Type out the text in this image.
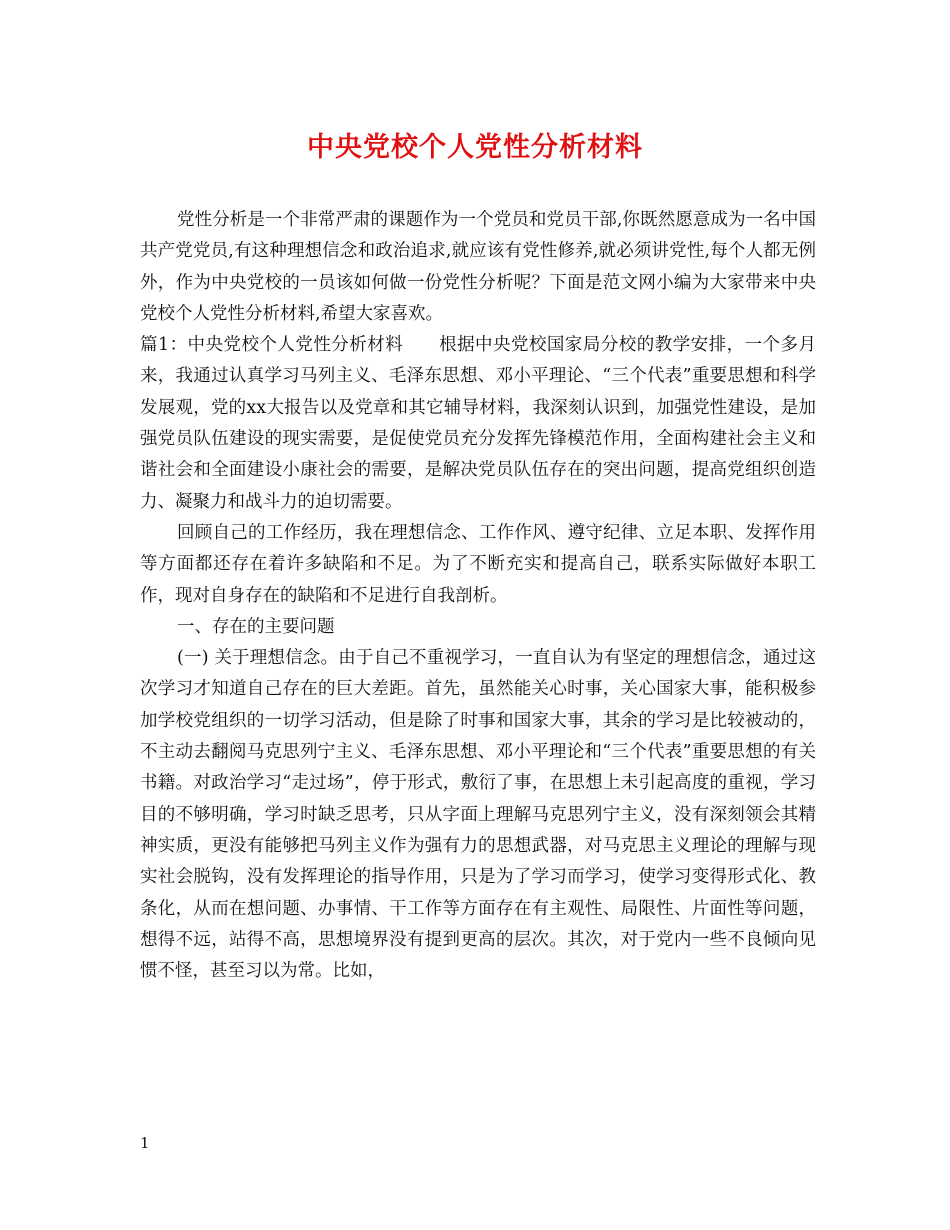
中央党校个人党性分析材料

党性分析是一个非常严肃的课题作为一个党员和党员干部,你既然愿意成为一名中国共产党党员,有这种理想信念和政治追求,就应该有党性修养,就必须讲党性,每个人都无例外，作为中央党校的一员该如何做一份党性分析呢？下面是范文网小编为大家带来中央党校个人党性分析材料,希望大家喜欢。

篇1：中央党校个人党性分析材料　　根据中央党校国家局分校的教学安排，一个多月来，我通过认真学习马列主义、毛泽东思想、邓小平理论、“三个代表”重要思想和科学发展观，党的xx大报告以及党章和其它辅导材料，我深刻认识到，加强党性建设，是加强党员队伍建设的现实需要，是促使党员充分发挥先锋模范作用，全面构建社会主义和谐社会和全面建设小康社会的需要，是解决党员队伍存在的突出问题，提高党组织创造力、凝聚力和战斗力的迫切需要。

回顾自己的工作经历，我在理想信念、工作作风、遵守纪律、立足本职、发挥作用等方面都还存在着许多缺陷和不足。为了不断充实和提高自己，联系实际做好本职工作，现对自身存在的缺陷和不足进行自我剖析。

一、存在的主要问题

(一) 关于理想信念。由于自己不重视学习，一直自认为有坚定的理想信念，通过这次学习才知道自己存在的巨大差距。首先，虽然能关心时事，关心国家大事，能积极参加学校党组织的一切学习活动，但是除了时事和国家大事，其余的学习是比较被动的，不主动去翻阅马克思列宁主义、毛泽东思想、邓小平理论和“三个代表”重要思想的有关书籍。对政治学习“走过场”，停于形式，敷衍了事，在思想上未引起高度的重视，学习目的不够明确，学习时缺乏思考，只从字面上理解马克思列宁主义，没有深刻领会其精神实质，更没有能够把马列主义作为强有力的思想武器，对马克思主义理论的理解与现实社会脱钩，没有发挥理论的指导作用，只是为了学习而学习，使学习变得形式化、教条化，从而在想问题、办事情、干工作等方面存在有主观性、局限性、片面性等问题，想得不远，站得不高，思想境界没有提到更高的层次。其次，对于党内一些不良倾向见惯不怪，甚至习以为常。比如，

1
